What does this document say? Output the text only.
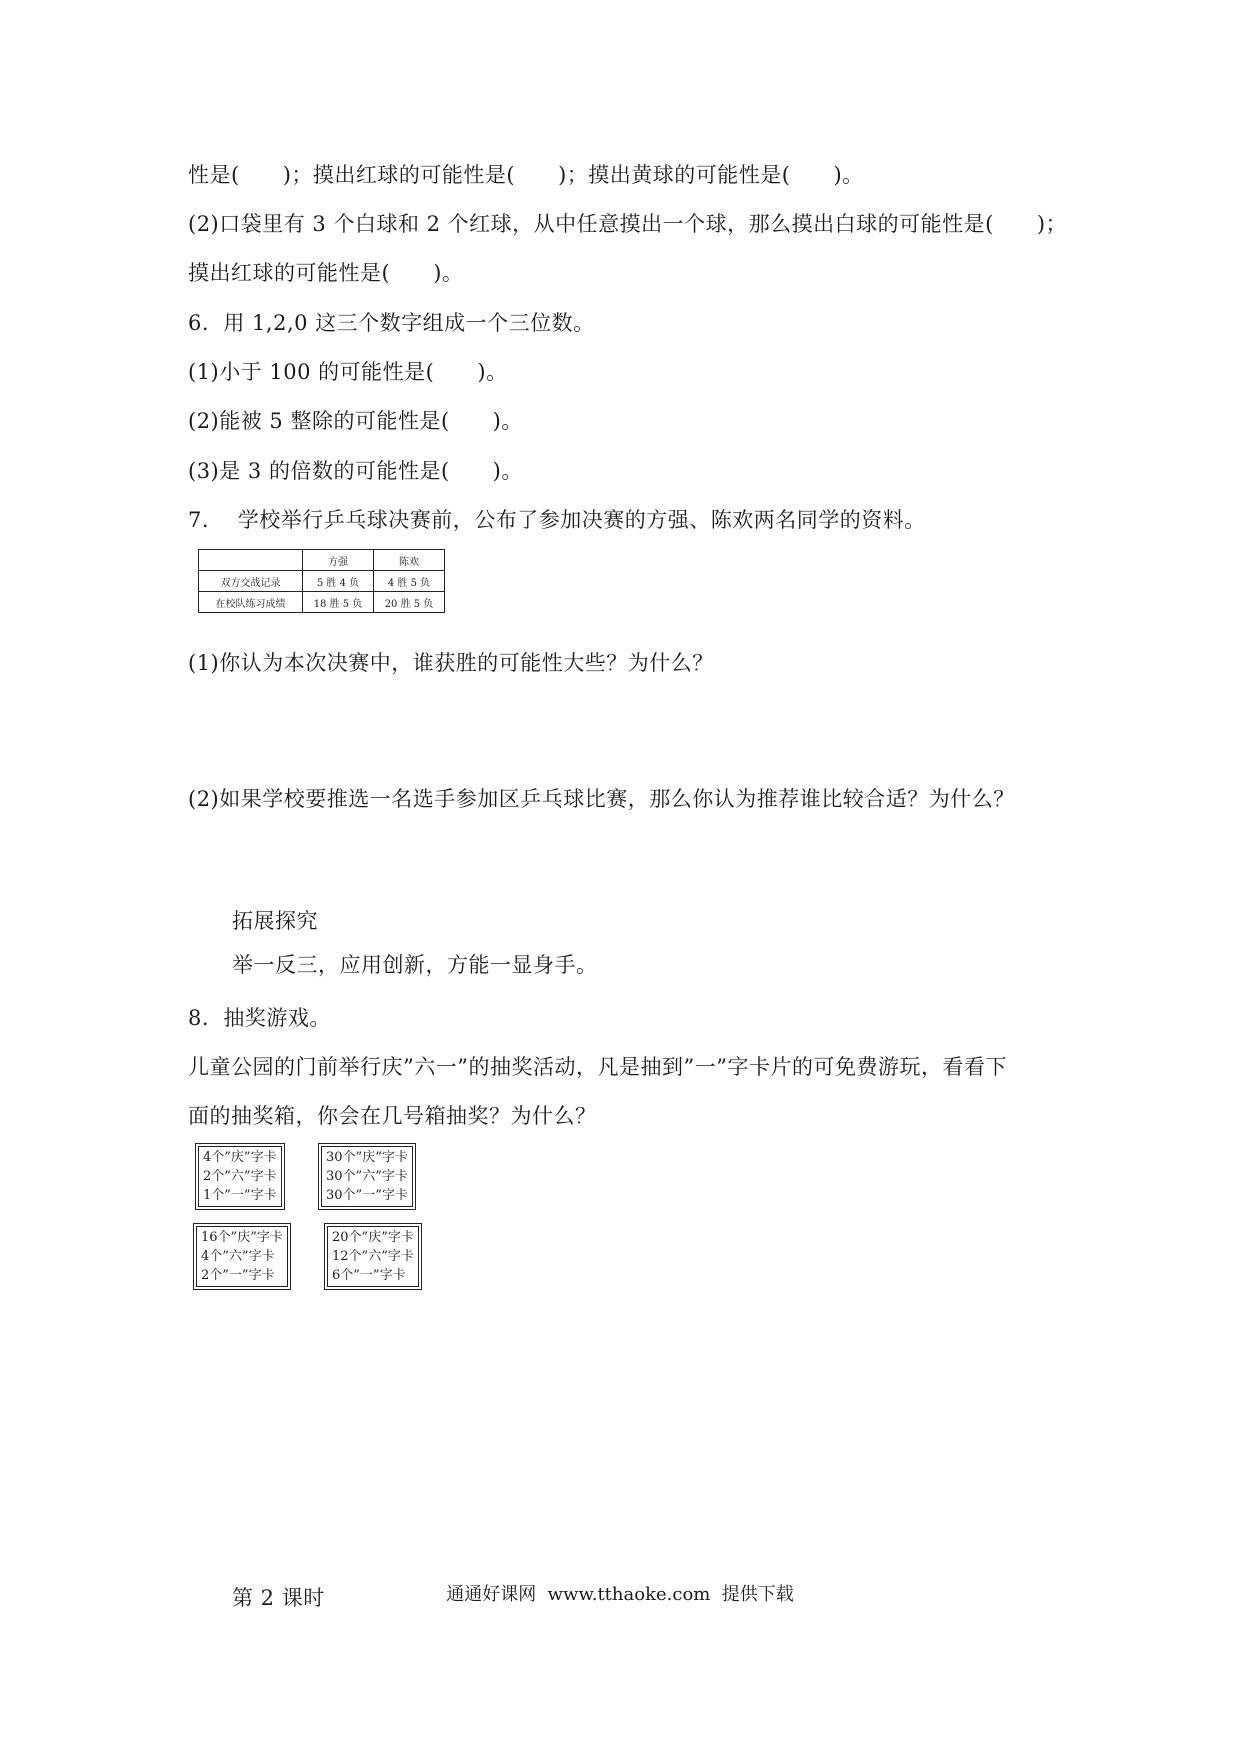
性是(　　)；摸出红球的可能性是(　　)；摸出黄球的可能性是(　　)。
(2)口袋里有 3 个白球和 2 个红球，从中任意摸出一个球，那么摸出白球的可能性是(　　)；
摸出红球的可能性是(　　)。
6.  用 1,2,0 这三个数字组成一个三位数。
(1)小于 100 的可能性是(　　)。
(2)能被 5 整除的可能性是(　　)。
(3)是 3 的倍数的可能性是(　　)。
7.    学校举行乒乓球决赛前，公布了参加决赛的方强、陈欢两名同学的资料。
	方强	陈欢
双方交战记录	5 胜 4 负	4 胜 5 负
在校队练习成绩	18 胜 5 负	20 胜 5 负
(1)你认为本次决赛中，谁获胜的可能性大些？为什么？
(2)如果学校要推选一名选手参加区乒乓球比赛，那么你认为推荐谁比较合适？为什么？
拓展探究
举一反三，应用创新，方能一显身手。
8.  抽奖游戏。
儿童公园的门前举行庆”六一”的抽奖活动，凡是抽到”一”字卡片的可免费游玩，看看下
面的抽奖箱，你会在几号箱抽奖？为什么？
4个”庆”字卡
2个”六”字卡
1个”一”字卡
30个”庆”字卡
30个”六”字卡
30个”一”字卡
16个”庆”字卡
4个”六”字卡
2个”一”字卡
20个”庆”字卡
12个”六”字卡
6个”一”字卡
第 2 课时	通通好课网  www.tthaoke.com  提供下载
